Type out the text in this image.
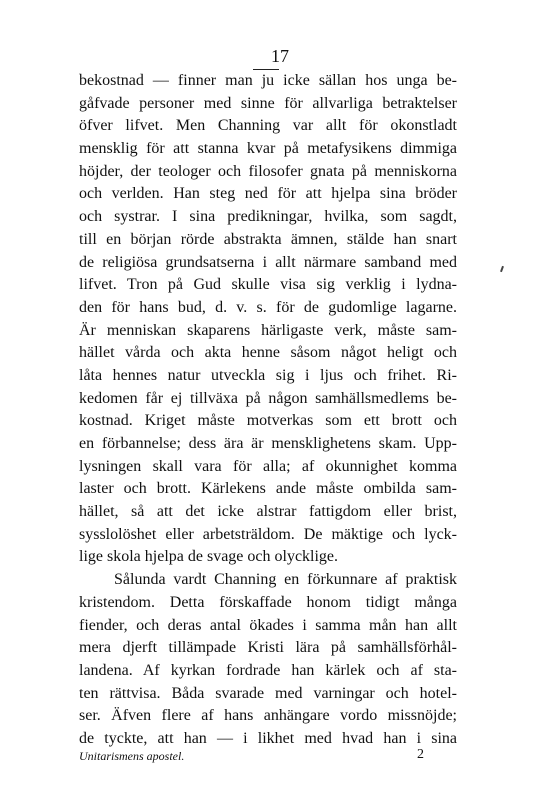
17
bekostnad — finner man ju icke sällan hos unga be-
gåfvade personer med sinne för allvarliga betraktelser
öfver lifvet. Men Channing var allt för okonstladt
mensklig för att stanna kvar på metafysikens dimmiga
höjder, der teologer och filosofer gnata på menniskorna
och verlden. Han steg ned för att hjelpa sina bröder
och systrar. I sina predikningar, hvilka, som sagdt,
till en början rörde abstrakta ämnen, stälde han snart
de religiösa grundsatserna i allt närmare samband med
lifvet. Tron på Gud skulle visa sig verklig i lydna-
den för hans bud, d. v. s. för de gudomlige lagarne.
Är menniskan skaparens härligaste verk, måste sam-
hället vårda och akta henne såsom något heligt och
låta hennes natur utveckla sig i ljus och frihet. Ri-
kedomen får ej tillväxa på någon samhällsmedlems be-
kostnad. Kriget måste motverkas som ett brott och
en förbannelse; dess ära är mensklighetens skam. Upp-
lysningen skall vara för alla; af okunnighet komma
laster och brott. Kärlekens ande måste ombilda sam-
hället, så att det icke alstrar fattigdom eller brist,
sysslolöshet eller arbetsträldom. De mäktige och lyck-
lige skola hjelpa de svage och olycklige.
Sålunda vardt Channing en förkunnare af praktisk
kristendom. Detta förskaffade honom tidigt många
fiender, och deras antal ökades i samma mån han allt
mera djerft tillämpade Kristi lära på samhällsförhål-
landena. Af kyrkan fordrade han kärlek och af sta-
ten rättvisa. Båda svarade med varningar och hotel-
ser. Äfven flere af hans anhängare vordo missnöjde;
de tyckte, att han — i likhet med hvad han i sina
Unitarismens apostel.	2
